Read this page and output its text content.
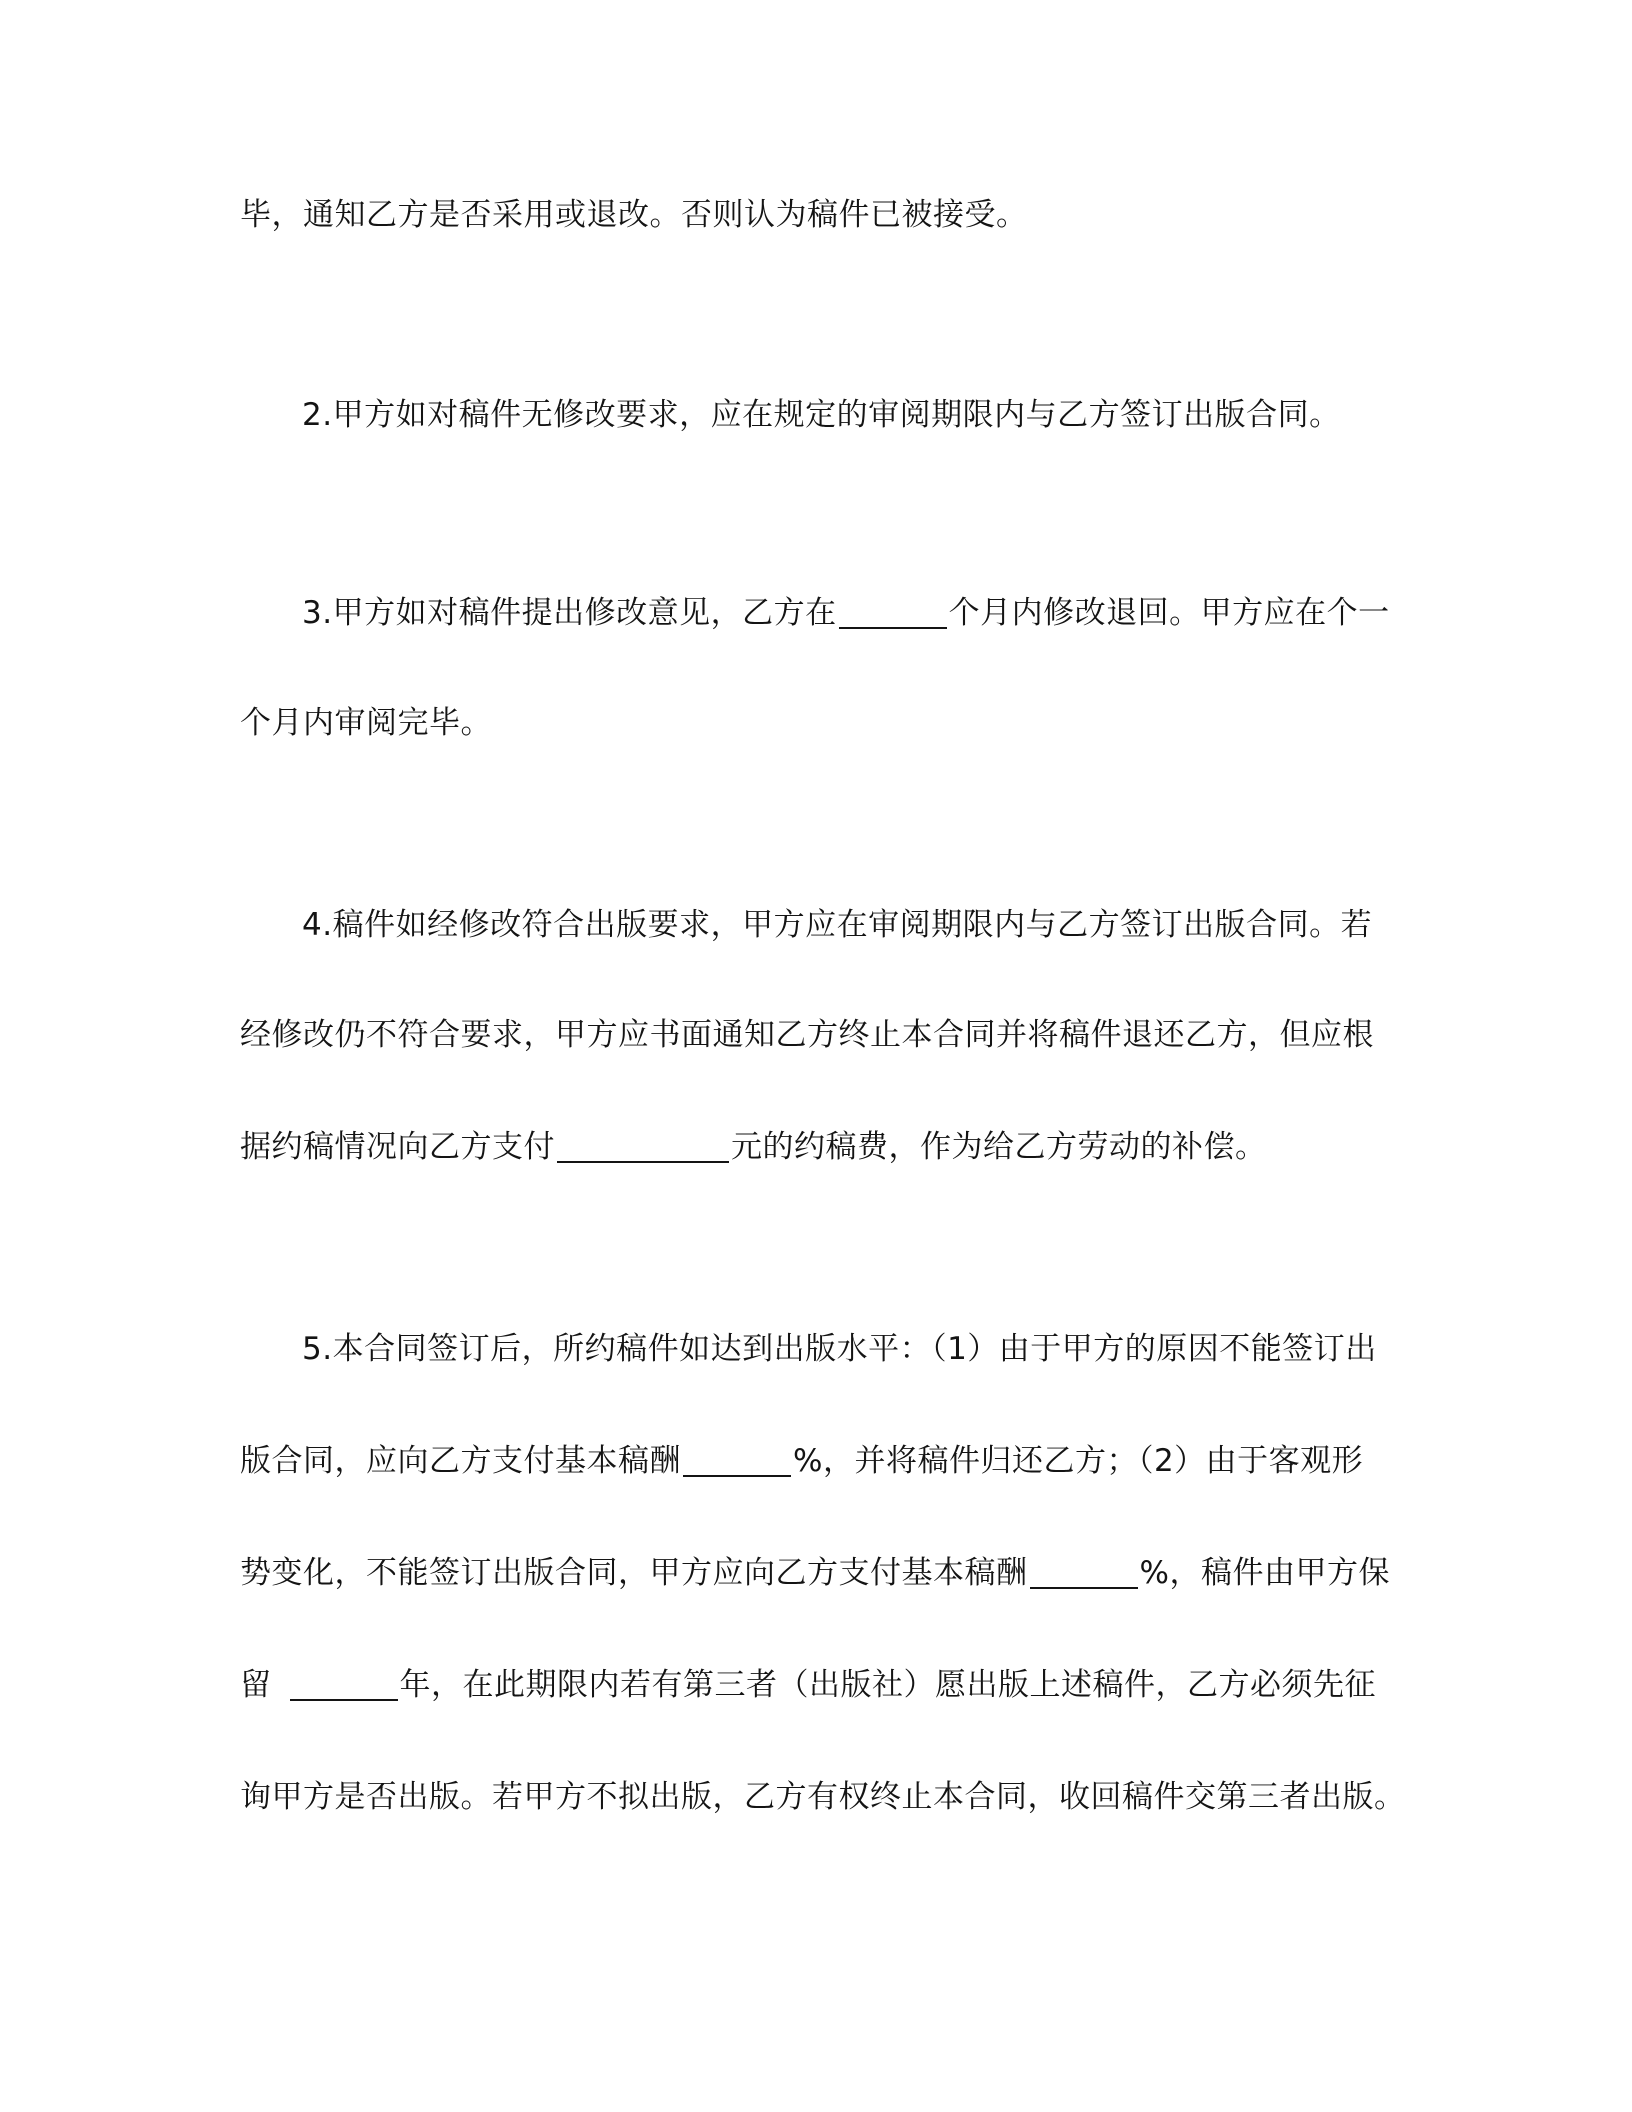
毕，通知乙方是否采用或退改。否则认为稿件已被接受。
2.甲方如对稿件无修改要求，应在规定的审阅期限内与乙方签订出版合同。
3.甲方如对稿件提出修改意见，乙方在	个月内修改退回。甲方应在个一
个月内审阅完毕。
4.稿件如经修改符合出版要求，甲方应在审阅期限内与乙方签订出版合同。若
经修改仍不符合要求，甲方应书面通知乙方终止本合同并将稿件退还乙方，但应根
据约稿情况向乙方支付	元的约稿费，作为给乙方劳动的补偿。
5.本合同签订后，所约稿件如达到出版水平：（1）由于甲方的原因不能签订出
版合同，应向乙方支付基本稿酬	%，并将稿件归还乙方；（2）由于客观形
势变化，不能签订出版合同，甲方应向乙方支付基本稿酬	%，稿件由甲方保
留	年，在此期限内若有第三者（出版社）愿出版上述稿件，乙方必须先征
询甲方是否出版。若甲方不拟出版，乙方有权终止本合同，收回稿件交第三者出版。
